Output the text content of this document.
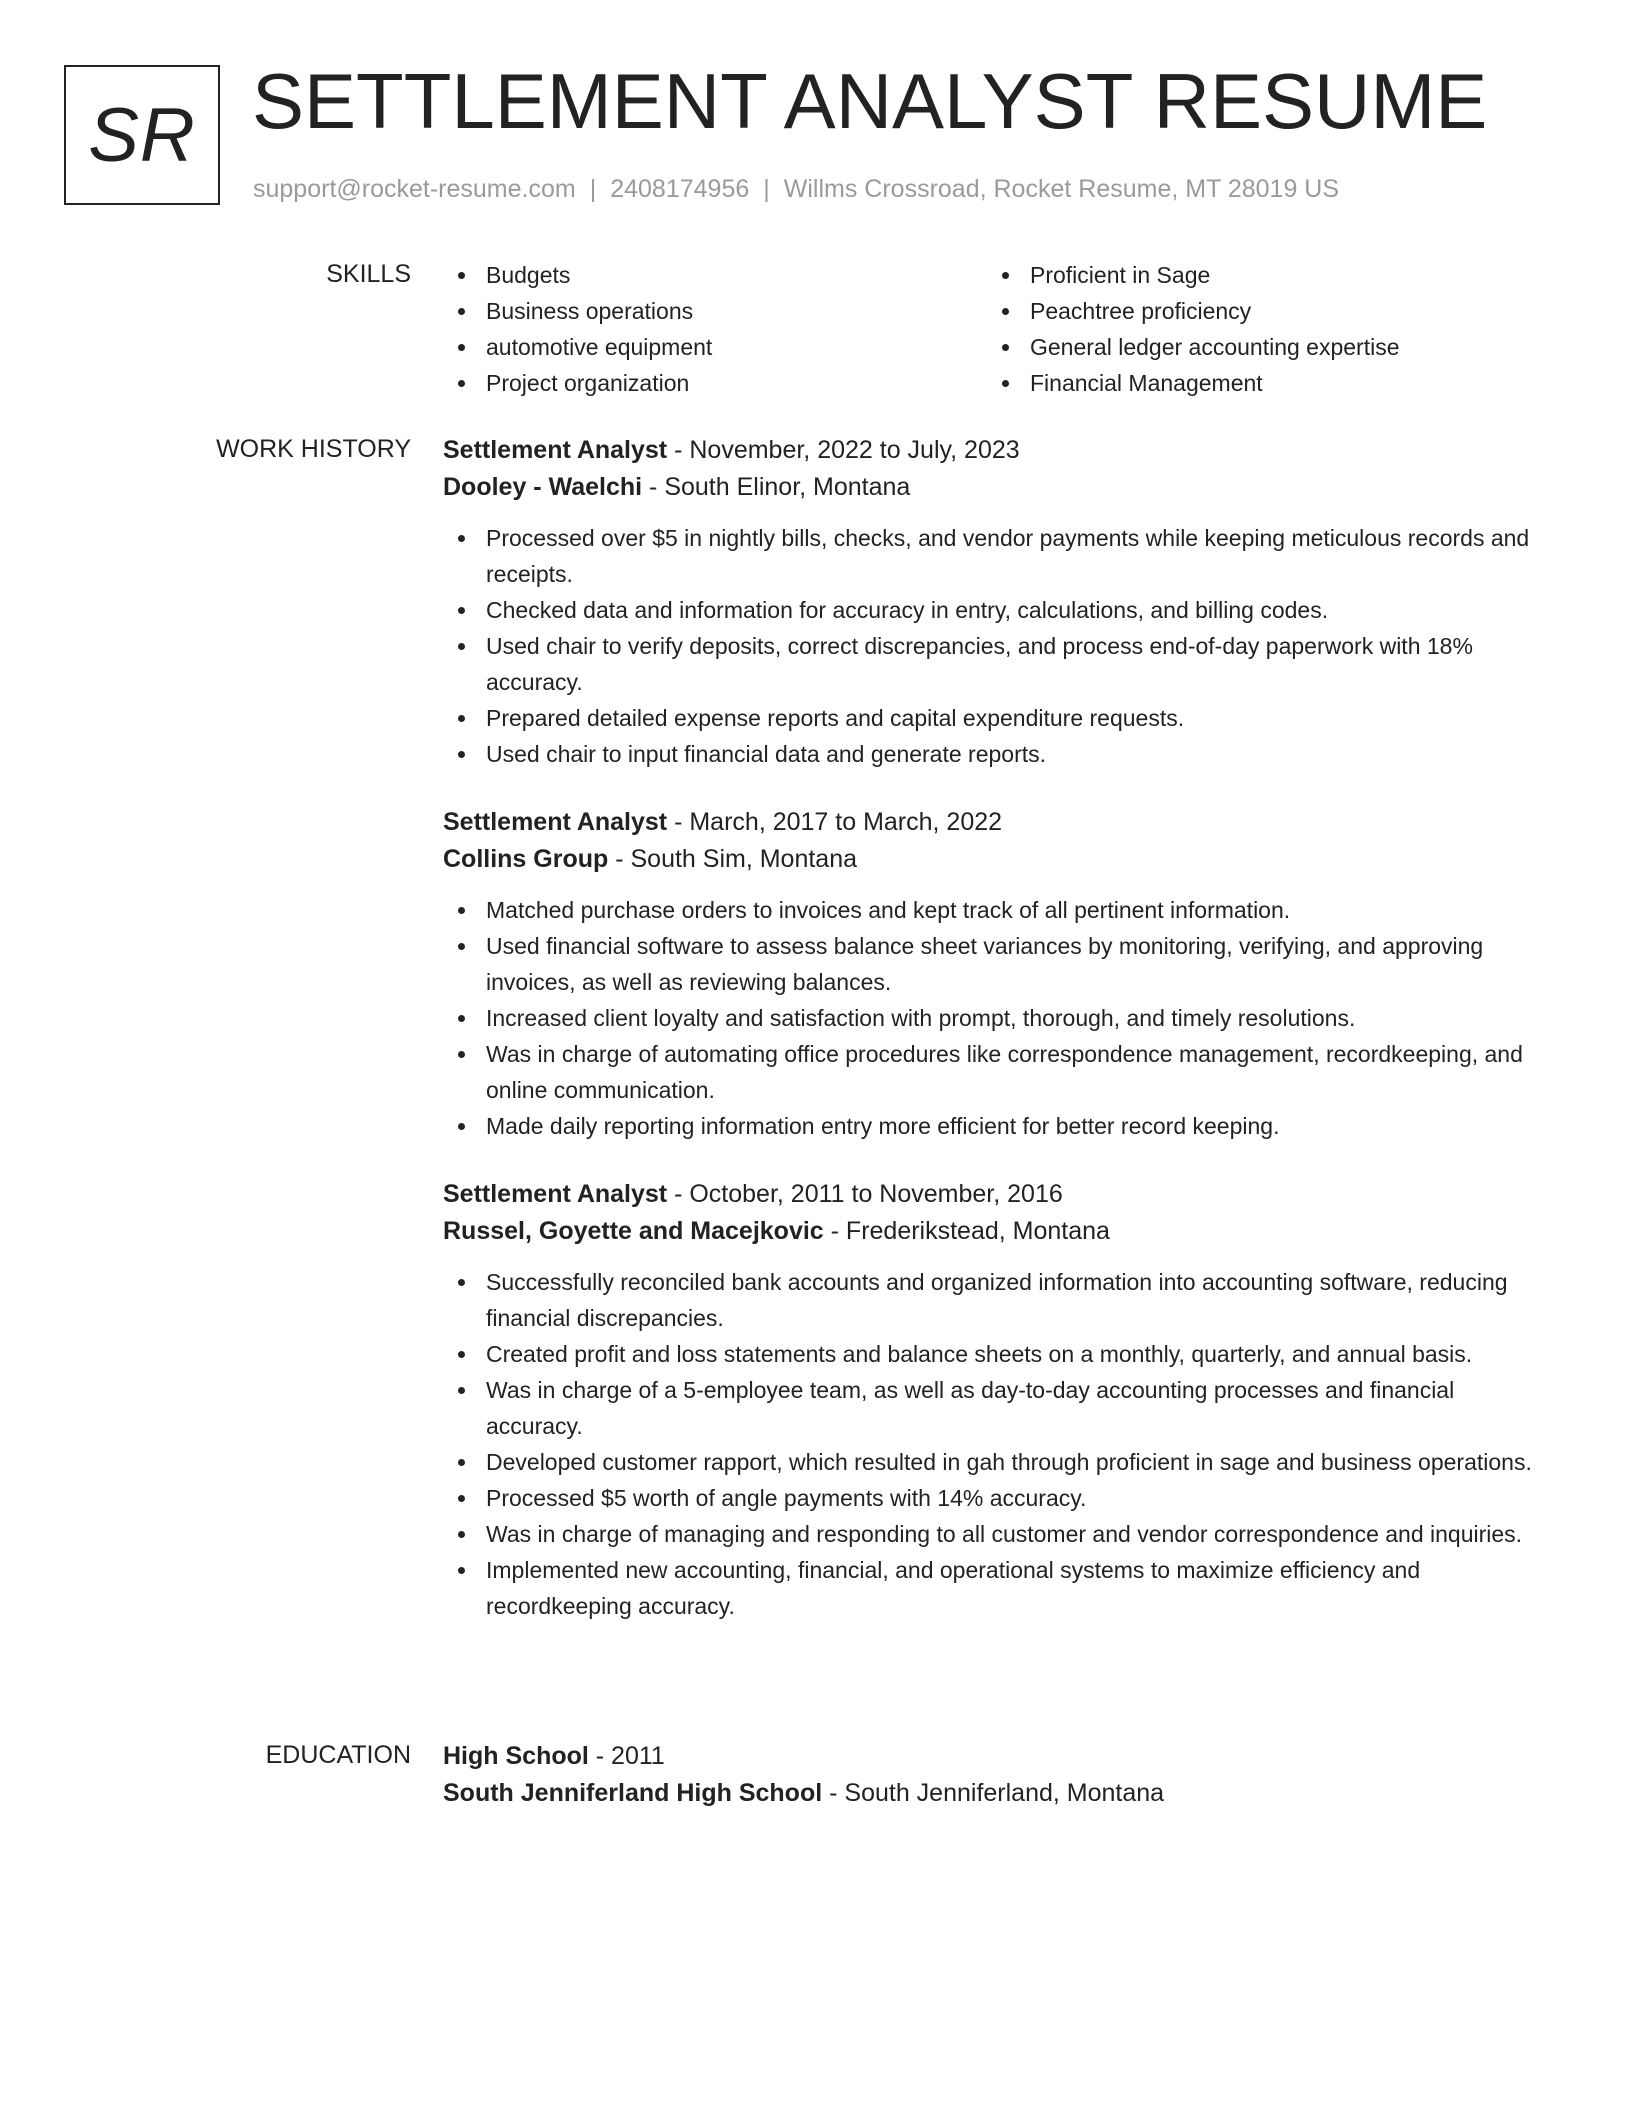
SR SETTLEMENT ANALYST RESUME
support@rocket-resume.com | 2408174956 | Willms Crossroad, Rocket Resume, MT 28019 US
SKILLS	Budgets
Business operations
automotive equipment
Project organization
Proficient in Sage
Peachtree proficiency
General ledger accounting expertise
Financial Management
WORK HISTORY Settlement Analyst - November, 2022 to July, 2023
Dooley - Waelchi - South Elinor, Montana
Processed over $5 in nightly bills, checks, and vendor payments while keeping meticulous records and receipts.
Checked data and information for accuracy in entry, calculations, and billing codes.
Used chair to verify deposits, correct discrepancies, and process end-of-day paperwork with 18% accuracy.
Prepared detailed expense reports and capital expenditure requests.
Used chair to input financial data and generate reports.
Settlement Analyst - March, 2017 to March, 2022
Collins Group - South Sim, Montana
Matched purchase orders to invoices and kept track of all pertinent information.
Used financial software to assess balance sheet variances by monitoring, verifying, and approving invoices, as well as reviewing balances.
Increased client loyalty and satisfaction with prompt, thorough, and timely resolutions.
Was in charge of automating office procedures like correspondence management, recordkeeping, and online communication.
Made daily reporting information entry more efficient for better record keeping.
Settlement Analyst - October, 2011 to November, 2016
Russel, Goyette and Macejkovic - Frederikstead, Montana
Successfully reconciled bank accounts and organized information into accounting software, reducing financial discrepancies.
Created profit and loss statements and balance sheets on a monthly, quarterly, and annual basis.
Was in charge of a 5-employee team, as well as day-to-day accounting processes and financial accuracy.
Developed customer rapport, which resulted in gah through proficient in sage and business operations.
Processed $5 worth of angle payments with 14% accuracy.
Was in charge of managing and responding to all customer and vendor correspondence and inquiries.
Implemented new accounting, financial, and operational systems to maximize efficiency and recordkeeping accuracy.
EDUCATION High School - 2011
South Jenniferland High School - South Jenniferland, Montana
